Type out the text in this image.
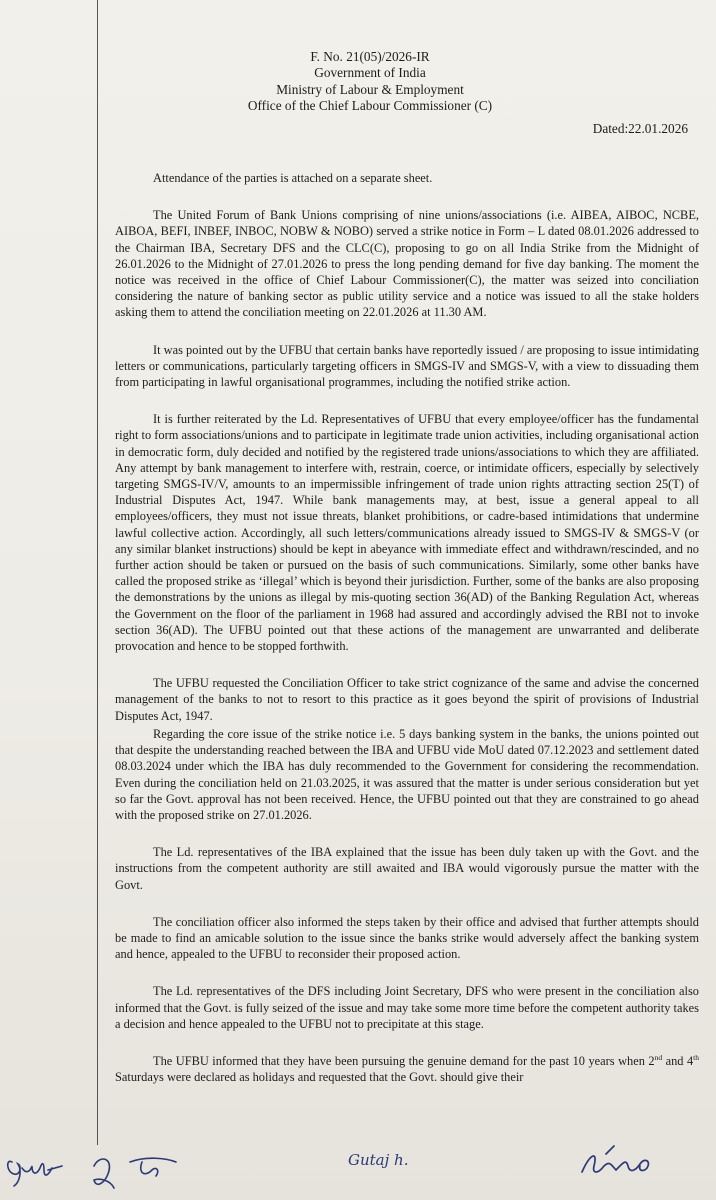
F. No. 21(05)/2026-IR
Government of India
Ministry of Labour & Employment
Office of the Chief Labour Commissioner (C)
Dated:22.01.2026

Attendance of the parties is attached on a separate sheet.

The United Forum of Bank Unions comprising of nine unions/associations (i.e. AIBEA, AIBOC, NCBE, AIBOA, BEFI, INBEF, INBOC, NOBW & NOBO) served a strike notice in Form – L dated 08.01.2026 addressed to the Chairman IBA, Secretary DFS and the CLC(C), proposing to go on all India Strike from the Midnight of 26.01.2026 to the Midnight of 27.01.2026 to press the long pending demand for five day banking. The moment the notice was received in the office of Chief Labour Commissioner(C), the matter was seized into conciliation considering the nature of banking sector as public utility service and a notice was issued to all the stake holders asking them to attend the conciliation meeting on 22.01.2026 at 11.30 AM.

It was pointed out by the UFBU that certain banks have reportedly issued / are proposing to issue intimidating letters or communications, particularly targeting officers in SMGS-IV and SMGS-V, with a view to dissuading them from participating in lawful organisational programmes, including the notified strike action.

It is further reiterated by the Ld. Representatives of UFBU that every employee/officer has the fundamental right to form associations/unions and to participate in legitimate trade union activities, including organisational action in democratic form, duly decided and notified by the registered trade unions/associations to which they are affiliated. Any attempt by bank management to interfere with, restrain, coerce, or intimidate officers, especially by selectively targeting SMGS-IV/V, amounts to an impermissible infringement of trade union rights attracting section 25(T) of Industrial Disputes Act, 1947. While bank managements may, at best, issue a general appeal to all employees/officers, they must not issue threats, blanket prohibitions, or cadre-based intimidations that undermine lawful collective action. Accordingly, all such letters/communications already issued to SMGS-IV & SMGS-V (or any similar blanket instructions) should be kept in abeyance with immediate effect and withdrawn/rescinded, and no further action should be taken or pursued on the basis of such communications. Similarly, some other banks have called the proposed strike as ‘illegal’ which is beyond their jurisdiction. Further, some of the banks are also proposing the demonstrations by the unions as illegal by mis-quoting section 36(AD) of the Banking Regulation Act, whereas the Government on the floor of the parliament in 1968 had assured and accordingly advised the RBI not to invoke section 36(AD). The UFBU pointed out that these actions of the management are unwarranted and deliberate provocation and hence to be stopped forthwith.

The UFBU requested the Conciliation Officer to take strict cognizance of the same and advise the concerned management of the banks to not to resort to this practice as it goes beyond the spirit of provisions of Industrial Disputes Act, 1947.

Regarding the core issue of the strike notice i.e. 5 days banking system in the banks, the unions pointed out that despite the understanding reached between the IBA and UFBU vide MoU dated 07.12.2023 and settlement dated 08.03.2024 under which the IBA has duly recommended to the Government for considering the recommendation. Even during the conciliation held on 21.03.2025, it was assured that the matter is under serious consideration but yet so far the Govt. approval has not been received. Hence, the UFBU pointed out that they are constrained to go ahead with the proposed strike on 27.01.2026.

The Ld. representatives of the IBA explained that the issue has been duly taken up with the Govt. and the instructions from the competent authority are still awaited and IBA would vigorously pursue the matter with the Govt.

The conciliation officer also informed the steps taken by their office and advised that further attempts should be made to find an amicable solution to the issue since the banks strike would adversely affect the banking system and hence, appealed to the UFBU to reconsider their proposed action.

The Ld. representatives of the DFS including Joint Secretary, DFS who were present in the conciliation also informed that the Govt. is fully seized of the issue and may take some more time before the competent authority takes a decision and hence appealed to the UFBU not to precipitate at this stage.

The UFBU informed that they have been pursuing the genuine demand for the past 10 years when 2nd and 4th Saturdays were declared as holidays and requested that the Govt. should give their

Gutaj h.
